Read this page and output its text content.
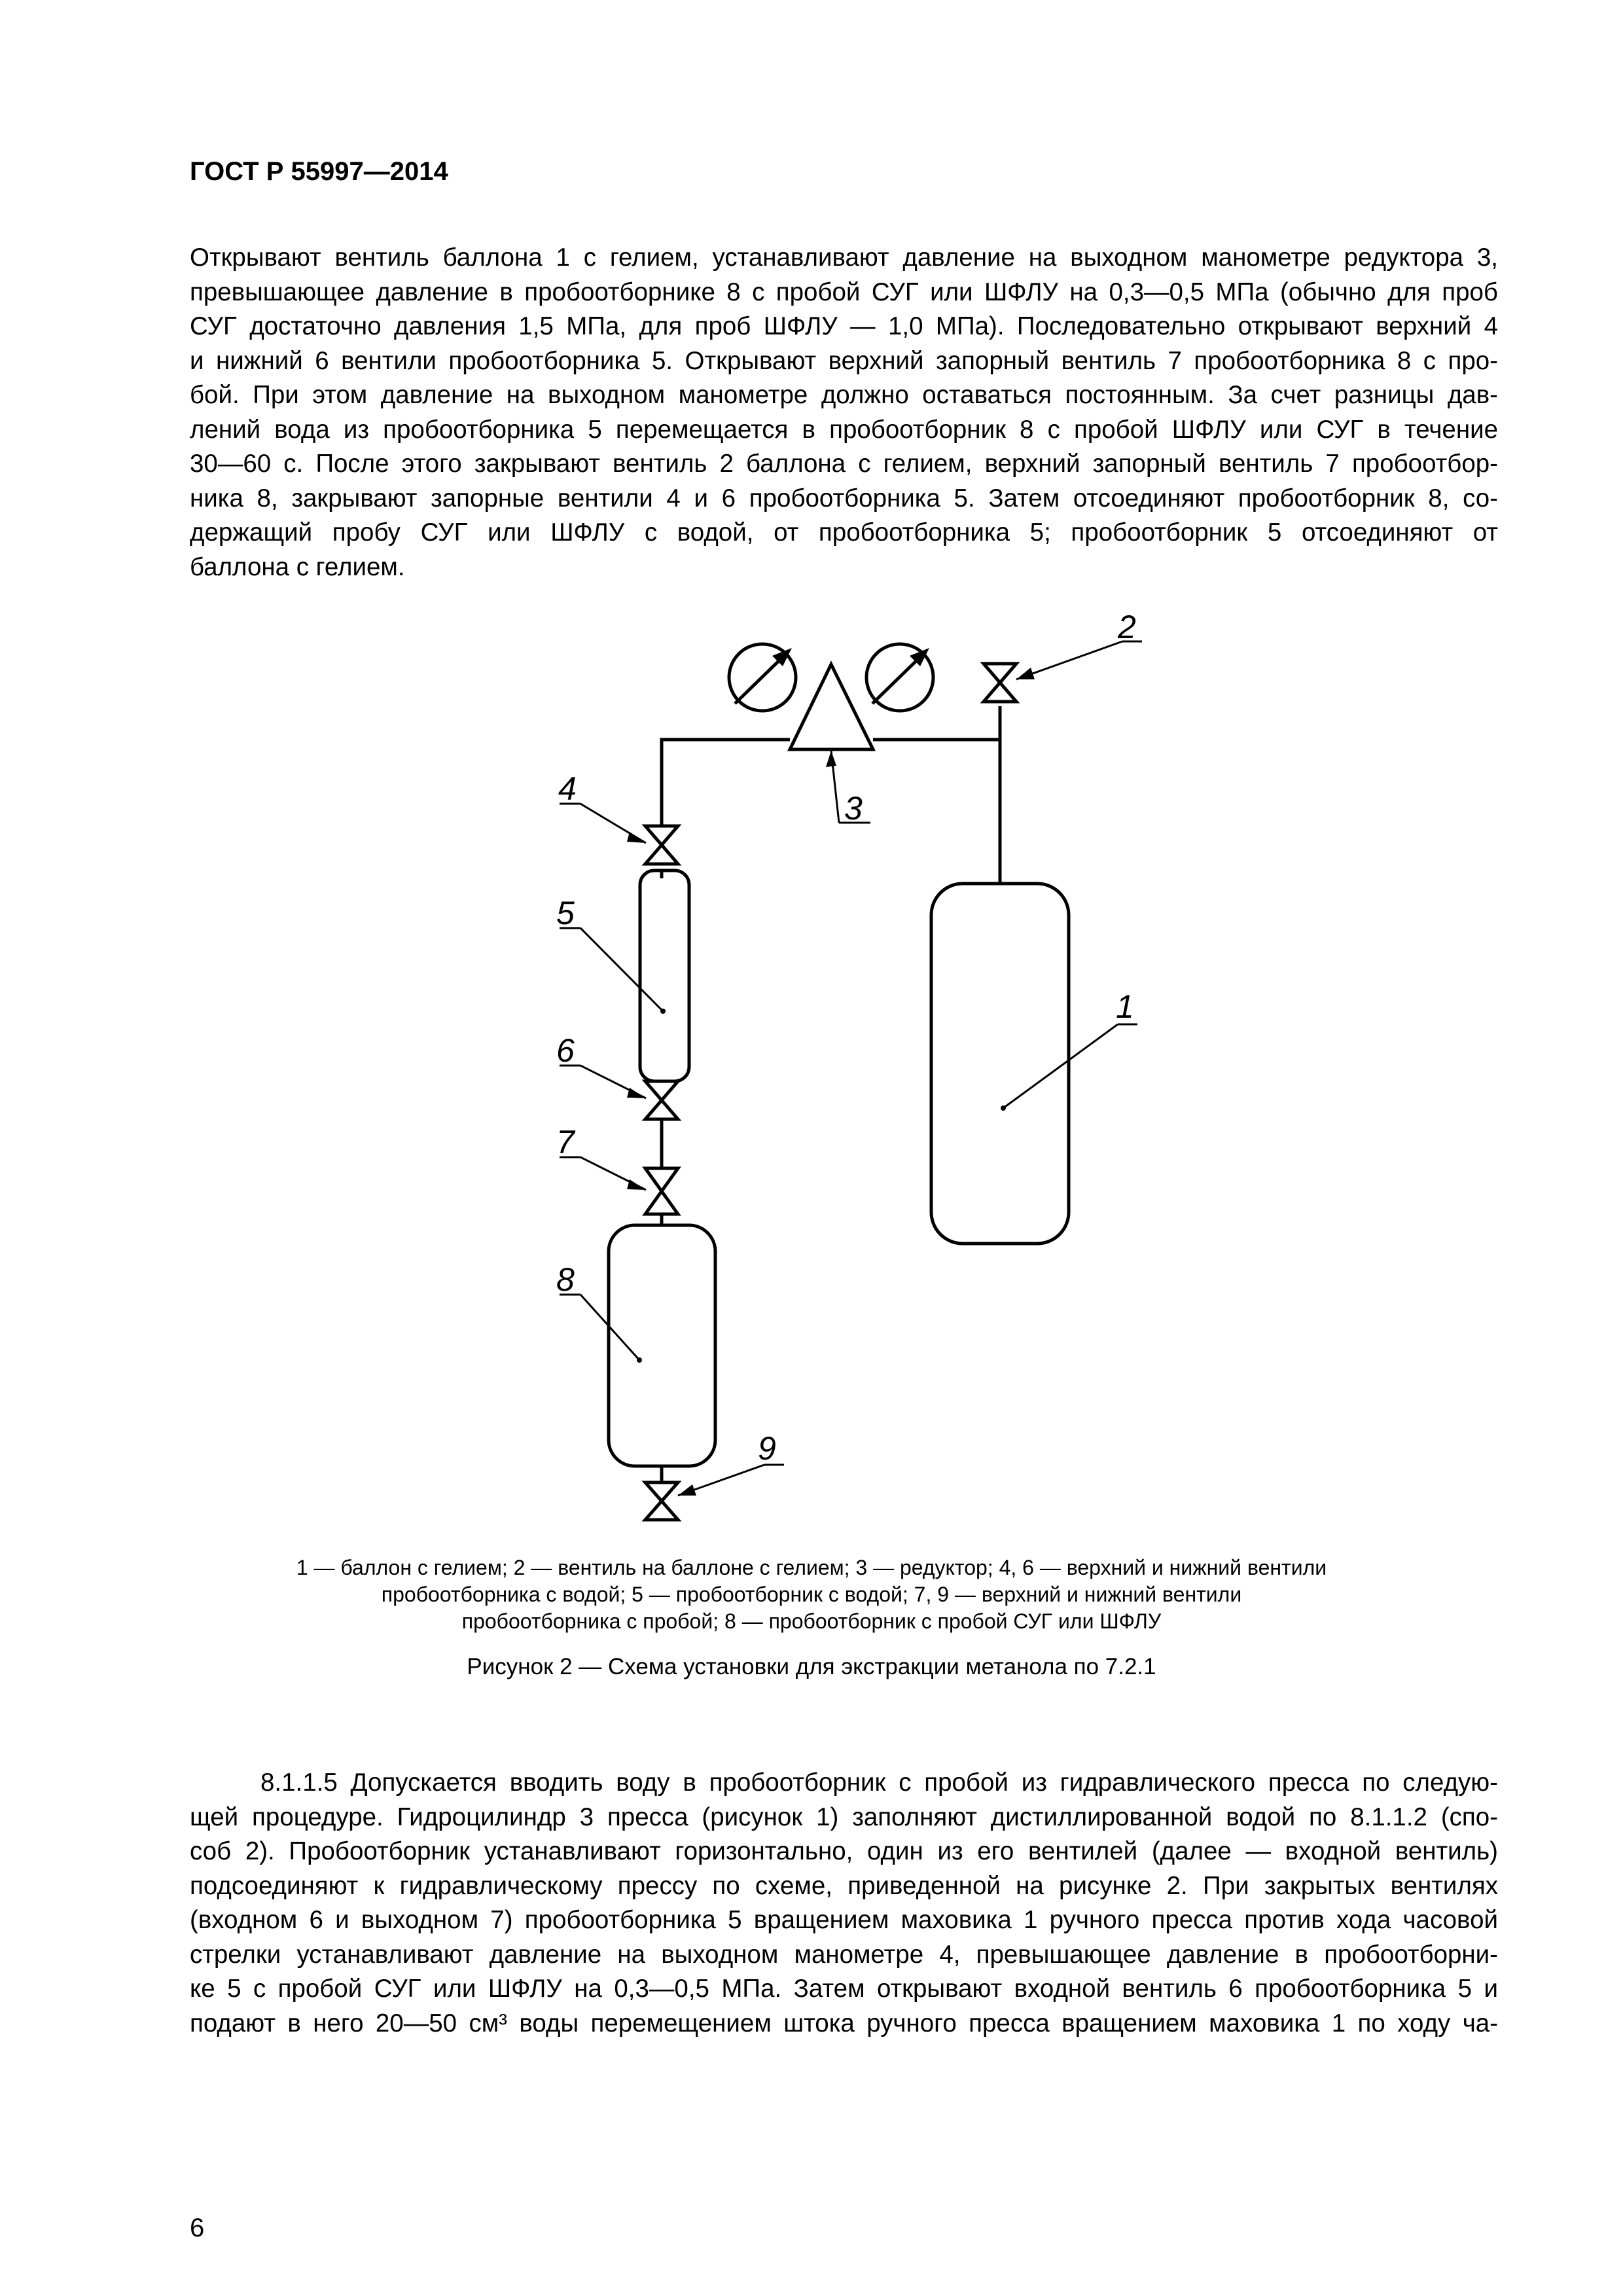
ГОСТ Р 55997—2014

Открывают вентиль баллона 1 с гелием, устанавливают давление на выходном манометре редуктора 3,
превышающее давление в пробоотборнике 8 с пробой СУГ или ШФЛУ на 0,3—0,5 МПа (обычно для проб
СУГ достаточно давления 1,5 МПа, для проб ШФЛУ — 1,0 МПа). Последовательно открывают верхний 4
и нижний 6 вентили пробоотборника 5. Открывают верхний запорный вентиль 7 пробоотборника 8 с про-
бой. При этом давление на выходном манометре должно оставаться постоянным. За счет разницы дав-
лений вода из пробоотборника 5 перемещается в пробоотборник 8 с пробой ШФЛУ или СУГ в течение
30—60 с. После этого закрывают вентиль 2 баллона с гелием, верхний запорный вентиль 7 пробоотбор-
ника 8, закрывают запорные вентили 4 и 6 пробоотборника 5. Затем отсоединяют пробоотборник 8, со-
держащий пробу СУГ или ШФЛУ с водой, от пробоотборника 5; пробоотборник 5 отсоединяют от
баллона с гелием.

1
2
3
4
5
6
7
8
9

1 — баллон с гелием; 2 — вентиль на баллоне с гелием; 3 — редуктор; 4, 6 — верхний и нижний вентили
пробоотборника с водой; 5 — пробоотборник с водой; 7, 9 — верхний и нижний вентили
пробоотборника с пробой; 8 — пробоотборник с пробой СУГ или ШФЛУ

Рисунок 2 — Схема установки для экстракции метанола по 7.2.1

8.1.1.5 Допускается вводить воду в пробоотборник с пробой из гидравлического пресса по следую-
щей процедуре. Гидроцилиндр 3 пресса (рисунок 1) заполняют дистиллированной водой по 8.1.1.2 (спо-
соб 2). Пробоотборник устанавливают горизонтально, один из его вентилей (далее — входной вентиль)
подсоединяют к гидравлическому прессу по схеме, приведенной на рисунке 2. При закрытых вентилях
(входном 6 и выходном 7) пробоотборника 5 вращением маховика 1 ручного пресса против хода часовой
стрелки устанавливают давление на выходном манометре 4, превышающее давление в пробоотборни-
ке 5 с пробой СУГ или ШФЛУ на 0,3—0,5 МПа. Затем открывают входной вентиль 6 пробоотборника 5 и
подают в него 20—50 см³ воды перемещением штока ручного пресса вращением маховика 1 по ходу ча-

6
